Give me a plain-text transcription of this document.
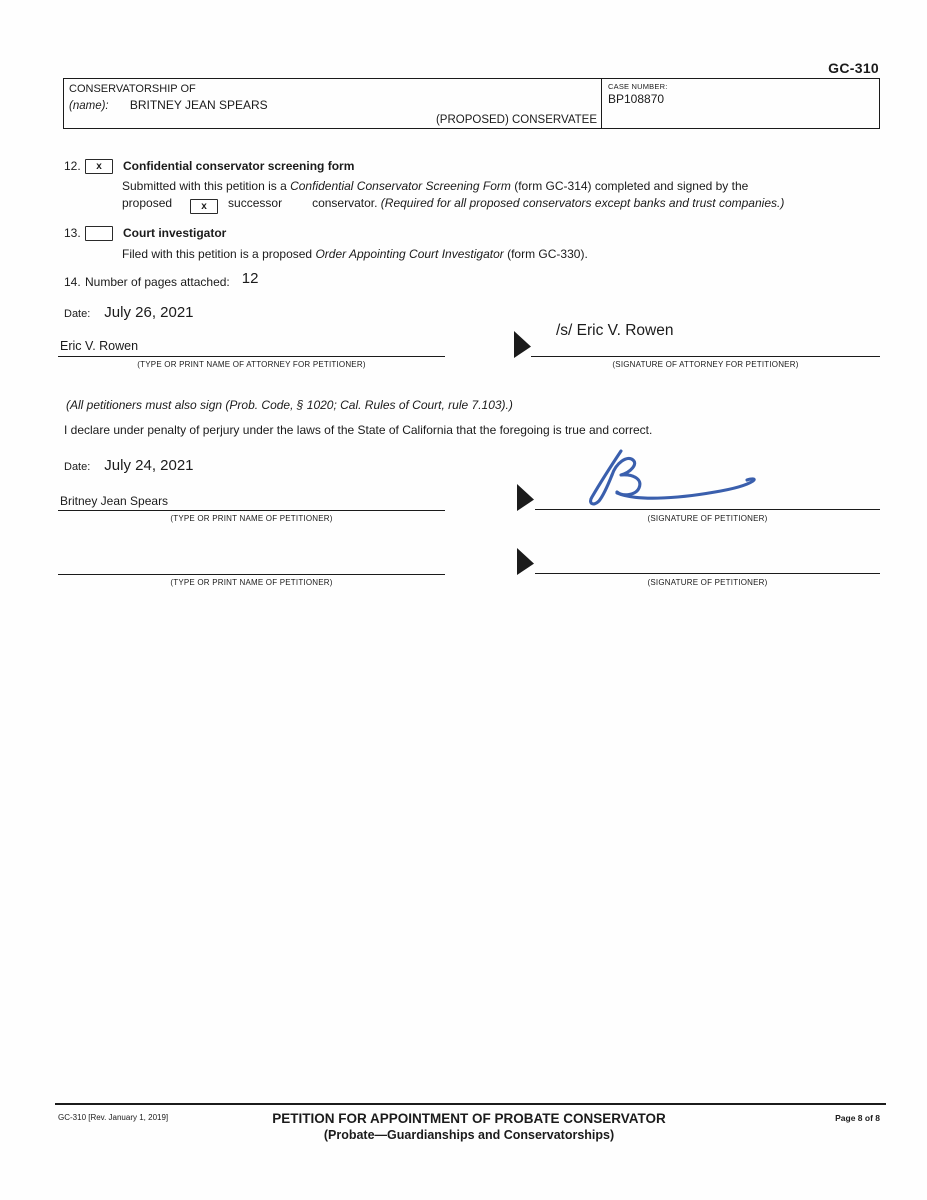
GC-310
CONSERVATORSHIP OF
(name): BRITNEY JEAN SPEARS
(PROPOSED) CONSERVATEE
CASE NUMBER:
BP108870
12.	x Confidential conservator screening form
Submitted with this petition is a Confidential Conservator Screening Form (form GC-314) completed and signed by the
proposed	x successor	conservator. (Required for all proposed conservators except banks and trust companies.)
13.	Court investigator
Filed with this petition is a proposed Order Appointing Court Investigator (form GC-330).
14. Number of pages attached: 12
Date: July 26, 2021
Eric V. Rowen
(TYPE OR PRINT NAME OF ATTORNEY FOR PETITIONER)
/s/ Eric V. Rowen
(SIGNATURE OF ATTORNEY FOR PETITIONER)
(All petitioners must also sign (Prob. Code, § 1020; Cal. Rules of Court, rule 7.103).)
I declare under penalty of perjury under the laws of the State of California that the foregoing is true and correct.
Date: July 24, 2021
Britney Jean Spears
(TYPE OR PRINT NAME OF PETITIONER)	(SIGNATURE OF PETITIONER)
(TYPE OR PRINT NAME OF PETITIONER)	(SIGNATURE OF PETITIONER)
GC-310 [Rev. January 1, 2019]	PETITION FOR APPOINTMENT OF PROBATE CONSERVATOR
(Probate—Guardianships and Conservatorships)
Page 8 of 8
